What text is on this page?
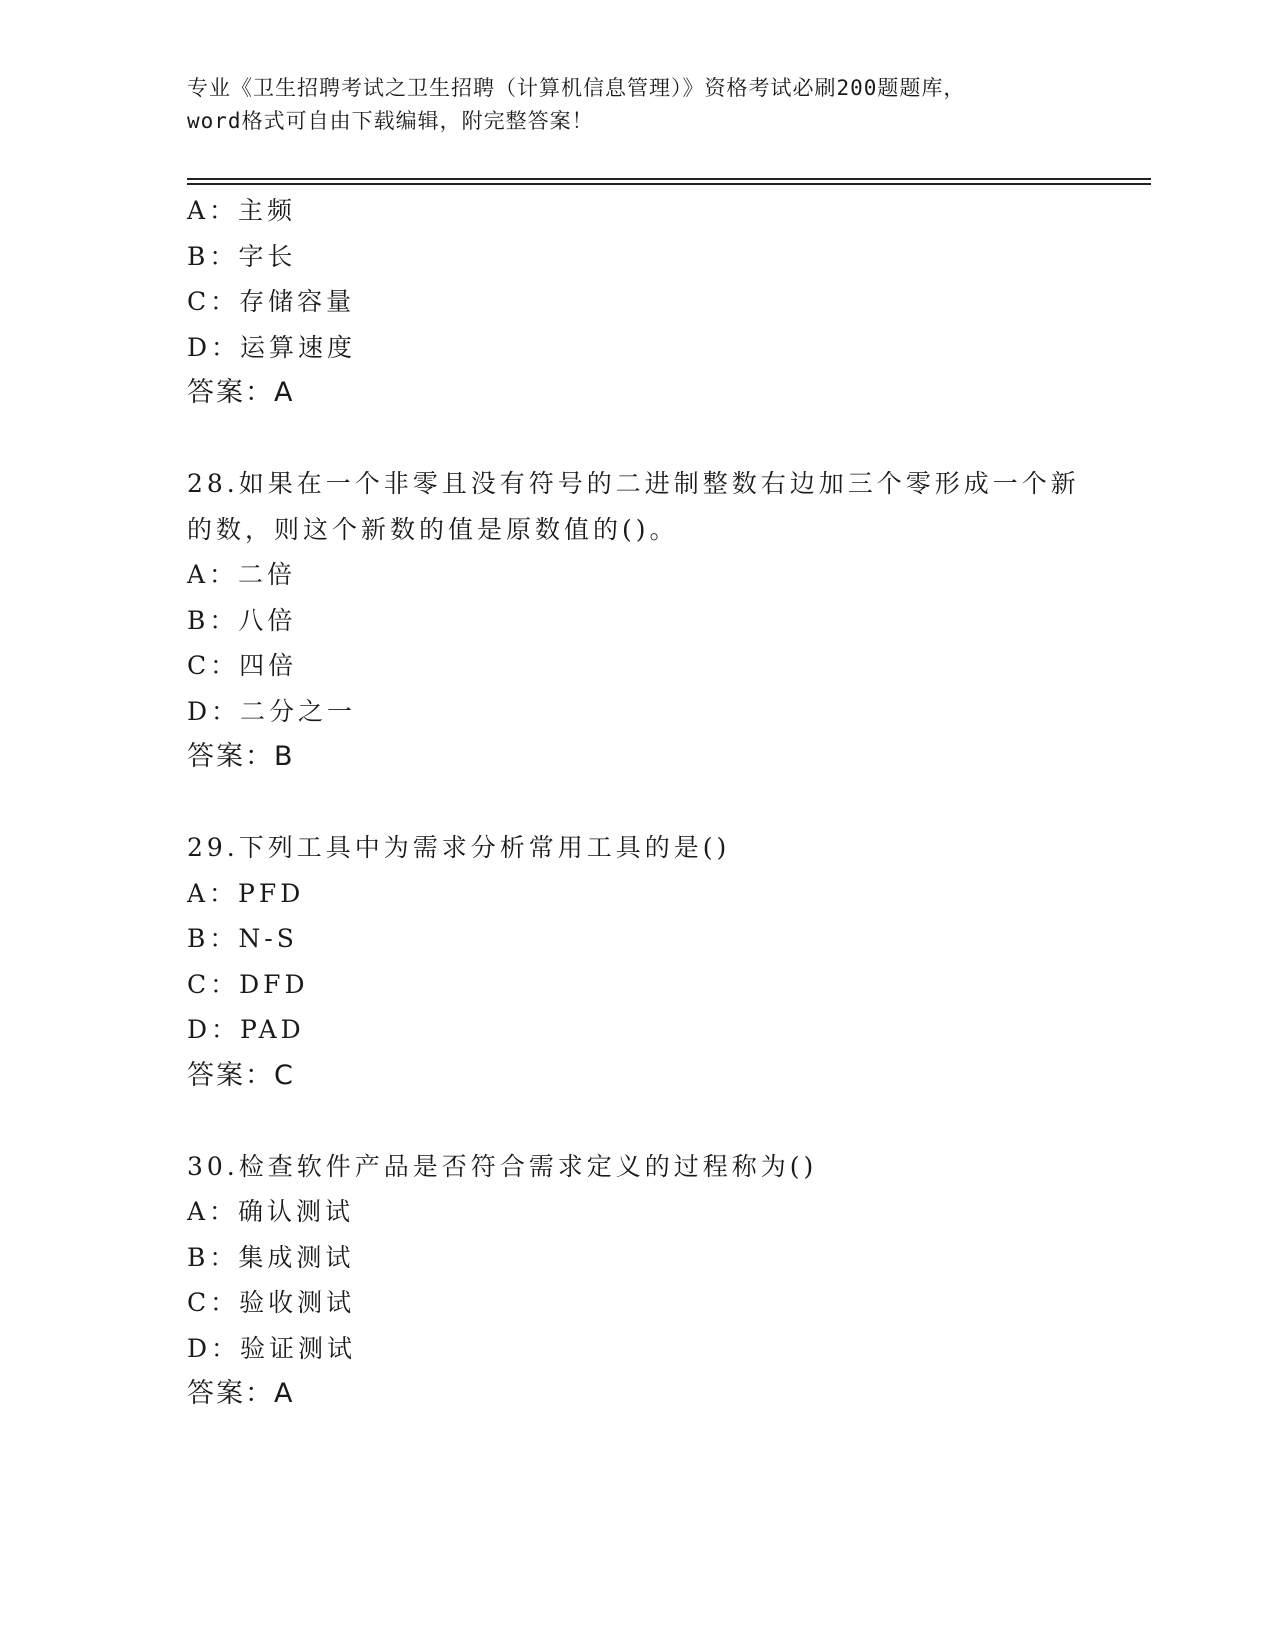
专业《卫生招聘考试之卫生招聘（计算机信息管理）》资格考试必刷200题题库，
word格式可自由下载编辑，附完整答案！
A：主频
B：字长
C：存储容量
D：运算速度
答案：A
28.如果在一个非零且没有符号的二进制整数右边加三个零形成一个新
的数，则这个新数的值是原数值的()。
A：二倍
B：八倍
C：四倍
D：二分之一
答案：B
29.下列工具中为需求分析常用工具的是()
A：PFD
B：N-S
C：DFD
D：PAD
答案：C
30.检查软件产品是否符合需求定义的过程称为()
A：确认测试
B：集成测试
C：验收测试
D：验证测试
答案：A
